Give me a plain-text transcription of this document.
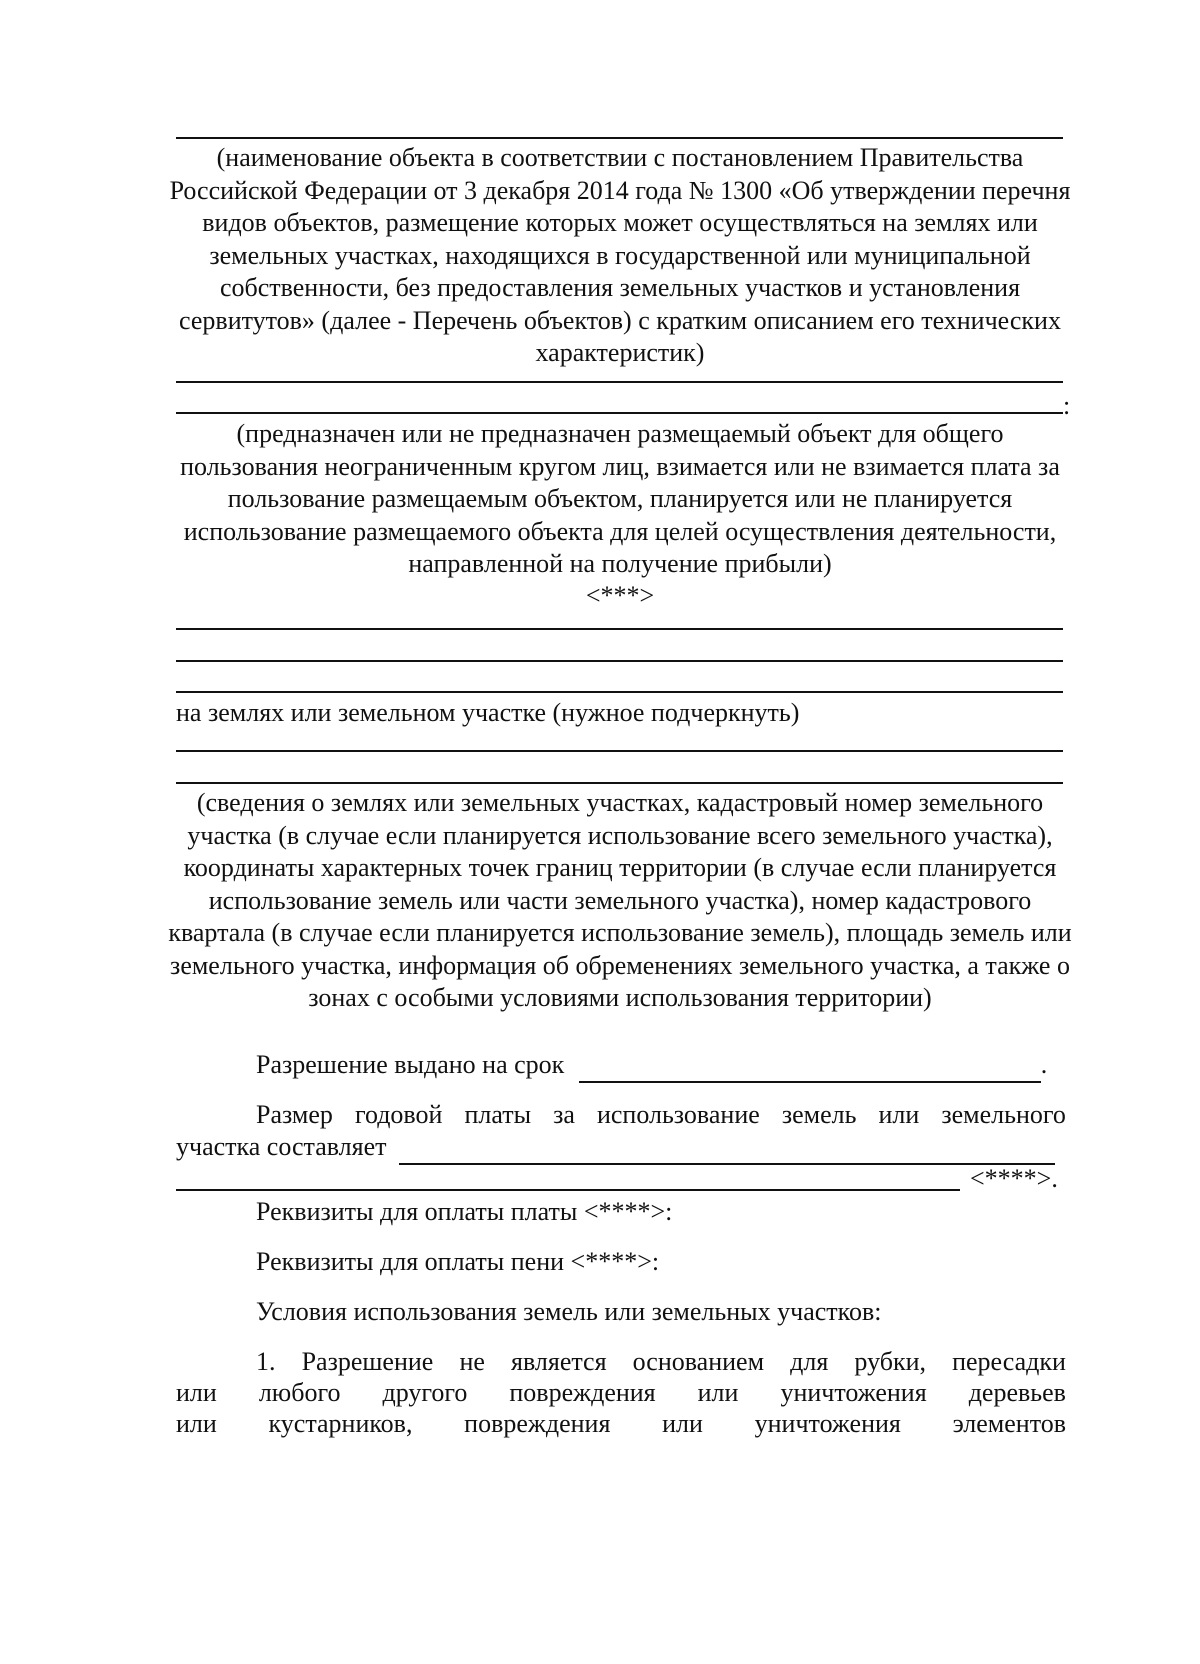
(наименование объекта в соответствии с постановлением Правительства Российской Федерации от 3 декабря 2014 года № 1300 «Об утверждении перечня видов объектов, размещение которых может осуществляться на землях или земельных участках, находящихся в государственной или муниципальной собственности, без предоставления земельных участков и установления сервитутов» (далее - Перечень объектов) с кратким описанием его технических характеристик)
:
(предназначен или не предназначен размещаемый объект для общего пользования неограниченным кругом лиц, взимается или не взимается плата за пользование размещаемым объектом, планируется или не планируется использование размещаемого объекта для целей осуществления деятельности, направленной на получение прибыли)
<***>
на землях или земельном участке (нужное подчеркнуть)
(сведения о землях или земельных участках, кадастровый номер земельного участка (в случае если планируется использование всего земельного участка), координаты характерных точек границ территории (в случае если планируется использование земель или части земельного участка), номер кадастрового квартала (в случае если планируется использование земель), площадь земель или земельного участка, информация об обременениях земельного участка, а также о зонах с особыми условиями использования территории)
Разрешение выдано на срок	.
Размер годовой платы за использование земель или земельного
участка составляет
<****>.
Реквизиты для оплаты платы <****>:
Реквизиты для оплаты пени <****>:
Условия использования земель или земельных участков:
1. Разрешение не является основанием для рубки, пересадки
или любого другого повреждения или уничтожения деревьев
или кустарников, повреждения или уничтожения элементов
